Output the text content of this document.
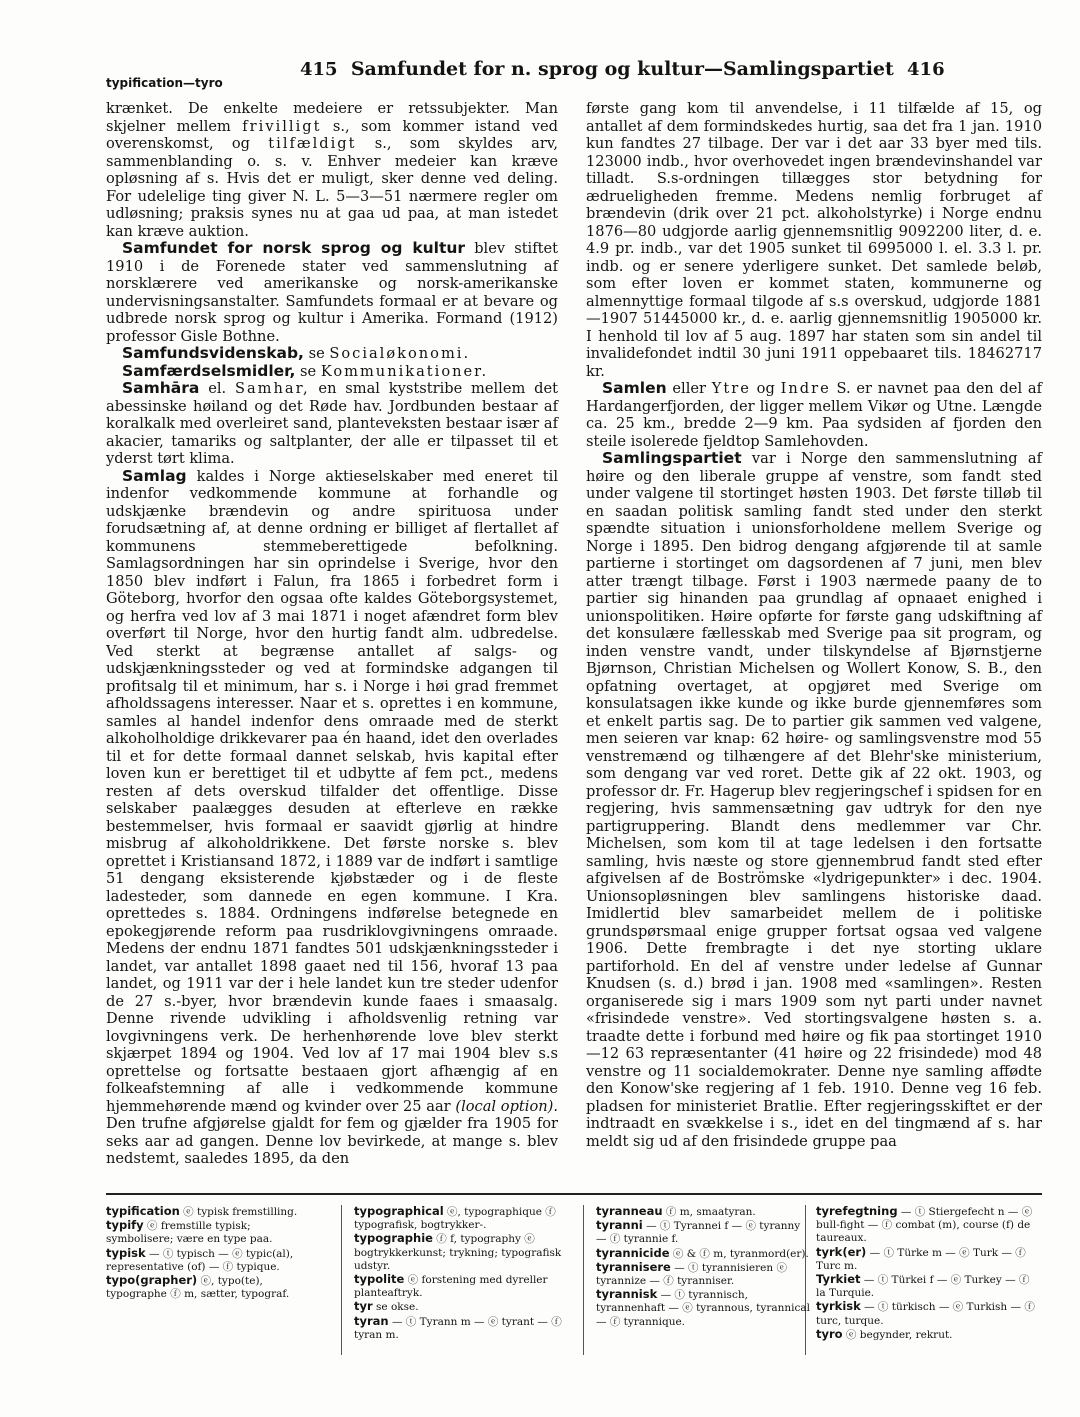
415 Samfundet for n. sprog og kultur—Samlingspartiet 416
typification—tyro

krænket. De enkelte medeiere er retssubjekter. Man skjelner mellem frivilligt s., som kommer istand ved overenskomst, og tilfældigt s., som skyldes arv, sammenblanding o. s. v. Enhver medeier kan kræve opløsning af s. Hvis det er muligt, sker denne ved deling. For udelelige ting giver N. L. 5—3—51 nærmere regler om udløsning; praksis synes nu at gaa ud paa, at man istedet kan kræve auktion.

Samfundet for norsk sprog og kultur blev stiftet 1910 i de Forenede stater ved sammenslutning af norsklærere ved amerikanske og norsk-amerikanske undervisningsanstalter. Samfundets formaal er at bevare og udbrede norsk sprog og kultur i Amerika. Formand (1912) professor Gisle Bothne.

Samfundsvidenskab, se Socialøkonomi.

Samfærdselsmidler, se Kommunikationer.

Samhāra el. Samhar, en smal kyststribe mellem det abessinske høiland og det Røde hav. Jordbunden bestaar af koralkalk med overleiret sand, planteveksten bestaar især af akacier, tamariks og saltplanter, der alle er tilpasset til et yderst tørt klima.

Samlag kaldes i Norge aktieselskaber med eneret til indenfor vedkommende kommune at forhandle og udskjænke brændevin og andre spirituosa under forudsætning af, at denne ordning er billiget af flertallet af kommunens stemmeberettigede befolkning. Samlagsordningen har sin oprindelse i Sverige, hvor den 1850 blev indført i Falun, fra 1865 i forbedret form i Göteborg, hvorfor den ogsaa ofte kaldes Göteborgsystemet, og herfra ved lov af 3 mai 1871 i noget afændret form blev overført til Norge, hvor den hurtig fandt alm. udbredelse. Ved sterkt at begrænse antallet af salgs- og udskjænkningssteder og ved at formindske adgangen til profitsalg til et minimum, har s. i Norge i høi grad fremmet afholdssagens interesser. Naar et s. oprettes i en kommune, samles al handel indenfor dens omraade med de sterkt alkoholholdige drikkevarer paa én haand, idet den overlades til et for dette formaal dannet selskab, hvis kapital efter loven kun er berettiget til et udbytte af fem pct., medens resten af dets overskud tilfalder det offentlige. Disse selskaber paalægges desuden at efterleve en række bestemmelser, hvis formaal er saavidt gjørlig at hindre misbrug af alkoholdrikkene. Det første norske s. blev oprettet i Kristiansand 1872, i 1889 var de indført i samtlige 51 dengang eksisterende kjøbstæder og i de fleste ladesteder, som dannede en egen kommune. I Kra. oprettedes s. 1884. Ordningens indførelse betegnede en epokegjørende reform paa rusdriklovgivningens omraade. Medens der endnu 1871 fandtes 501 udskjænkningssteder i landet, var antallet 1898 gaaet ned til 156, hvoraf 13 paa landet, og 1911 var der i hele landet kun tre steder udenfor de 27 s.-byer, hvor brændevin kunde faaes i smaasalg. Denne rivende udvikling i afholdsvenlig retning var lovgivningens verk. De herhenhørende love blev sterkt skjærpet 1894 og 1904. Ved lov af 17 mai 1904 blev s.s oprettelse og fortsatte bestaaen gjort afhængig af en folkeafstemning af alle i vedkommende kommune hjemmehørende mænd og kvinder over 25 aar (local option). Den trufne afgjørelse gjaldt for fem og gjælder fra 1905 for seks aar ad gangen. Denne lov bevirkede, at mange s. blev nedstemt, saaledes 1895, da den

første gang kom til anvendelse, i 11 tilfælde af 15, og antallet af dem formindskedes hurtig, saa det fra 1 jan. 1910 kun fandtes 27 tilbage. Der var i det aar 33 byer med tils. 123000 indb., hvor overhovedet ingen brændevinshandel var tilladt. S.s-ordningen tillægges stor betydning for ædrueligheden fremme. Medens nemlig forbruget af brændevin (drik over 21 pct. alkoholstyrke) i Norge endnu 1876—80 udgjorde aarlig gjennemsnitlig 9092200 liter, d. e. 4.9 pr. indb., var det 1905 sunket til 6995000 l. el. 3.3 l. pr. indb. og er senere yderligere sunket. Det samlede beløb, som efter loven er kommet staten, kommunerne og almennyttige formaal tilgode af s.s overskud, udgjorde 1881—1907 51445000 kr., d. e. aarlig gjennemsnitlig 1905000 kr. I henhold til lov af 5 aug. 1897 har staten som sin andel til invalidefondet indtil 30 juni 1911 oppebaaret tils. 18462717 kr.

Samlen eller Ytre og Indre S. er navnet paa den del af Hardangerfjorden, der ligger mellem Vikør og Utne. Længde ca. 25 km., bredde 2—9 km. Paa sydsiden af fjorden den steile isolerede fjeldtop Samlehovden.

Samlingspartiet var i Norge den sammenslutning af høire og den liberale gruppe af venstre, som fandt sted under valgene til stortinget høsten 1903. Det første tilløb til en saadan politisk samling fandt sted under den sterkt spændte situation i unionsforholdene mellem Sverige og Norge i 1895. Den bidrog dengang afgjørende til at samle partierne i stortinget om dagsordenen af 7 juni, men blev atter trængt tilbage. Først i 1903 nærmede paany de to partier sig hinanden paa grundlag af opnaaet enighed i unionspolitiken. Høire opførte for første gang udskiftning af det konsulære fællesskab med Sverige paa sit program, og inden venstre vandt, under tilskyndelse af Bjørnstjerne Bjørnson, Christian Michelsen og Wollert Konow, S. B., den opfatning overtaget, at opgjøret med Sverige om konsulatsagen ikke kunde og ikke burde gjennemføres som et enkelt partis sag. De to partier gik sammen ved valgene, men seieren var knap: 62 høire- og samlingsvenstre mod 55 venstremænd og tilhængere af det Blehr'ske ministerium, som dengang var ved roret. Dette gik af 22 okt. 1903, og professor dr. Fr. Hagerup blev regjeringschef i spidsen for en regjering, hvis sammensætning gav udtryk for den nye partigruppering. Blandt dens medlemmer var Chr. Michelsen, som kom til at tage ledelsen i den fortsatte samling, hvis næste og store gjennembrud fandt sted efter afgivelsen af de Boströmske «lydrigepunkter» i dec. 1904. Unionsopløsningen blev samlingens historiske daad. Imidlertid blev samarbeidet mellem de i politiske grundspørsmaal enige grupper fortsat ogsaa ved valgene 1906. Dette frembragte i det nye storting uklare partiforhold. En del af venstre under ledelse af Gunnar Knudsen (s. d.) brød i jan. 1908 med «samlingen». Resten organiserede sig i mars 1909 som nyt parti under navnet «frisindede venstre». Ved stortingsvalgene høsten s. a. traadte dette i forbund med høire og fik paa stortinget 1910—12 63 repræsentanter (41 høire og 22 frisindede) mod 48 venstre og 11 socialdemokrater. Denne nye samling affødte den Konow'ske regjering af 1 feb. 1910. Denne veg 16 feb. pladsen for ministeriet Bratlie. Efter regjeringsskiftet er der indtraadt en svækkelse i s., idet en del tingmænd af s. har meldt sig ud af den frisindede gruppe paa

typification ⓔ typisk fremstilling.
typify ⓔ fremstille typisk; symbolisere; være en type paa.
typisk — ⓣ typisch — ⓔ typic(al), representative (of) — ⓕ typique.
typo(grapher) ⓔ, typo(te), typographe ⓕ m, sætter, typograf.
typographical ⓔ, typographique ⓕ typografisk, bogtrykker-.
typographie ⓕ f, typography ⓔ bogtrykkerkunst; trykning; typografisk udstyr.
typolite ⓔ forstening med dyreller planteaftryk.
tyr se okse.
tyran — ⓣ Tyrann m — ⓔ tyrant — ⓕ tyran m.
tyranneau ⓕ m, smaatyran.
tyranni — ⓣ Tyrannei f — ⓔ tyranny — ⓕ tyrannie f.
tyrannicide ⓔ & ⓕ m, tyranmord(er).
tyrannisere — ⓣ tyrannisieren ⓔ tyrannize — ⓕ tyranniser.
tyrannisk — ⓣ tyrannisch, tyrannenhaft — ⓔ tyrannous, tyrannical — ⓕ tyrannique.
tyrefegtning — ⓣ Stiergefecht n — ⓔ bull-fight — ⓕ combat (m), course (f) de taureaux.
tyrk(er) — ⓣ Türke m — ⓔ Turk — ⓕ Turc m.
Tyrkiet — ⓣ Türkei f — ⓔ Turkey — ⓕ la Turquie.
tyrkisk — ⓣ türkisch — ⓔ Turkish — ⓕ turc, turque.
tyro ⓔ begynder, rekrut.
